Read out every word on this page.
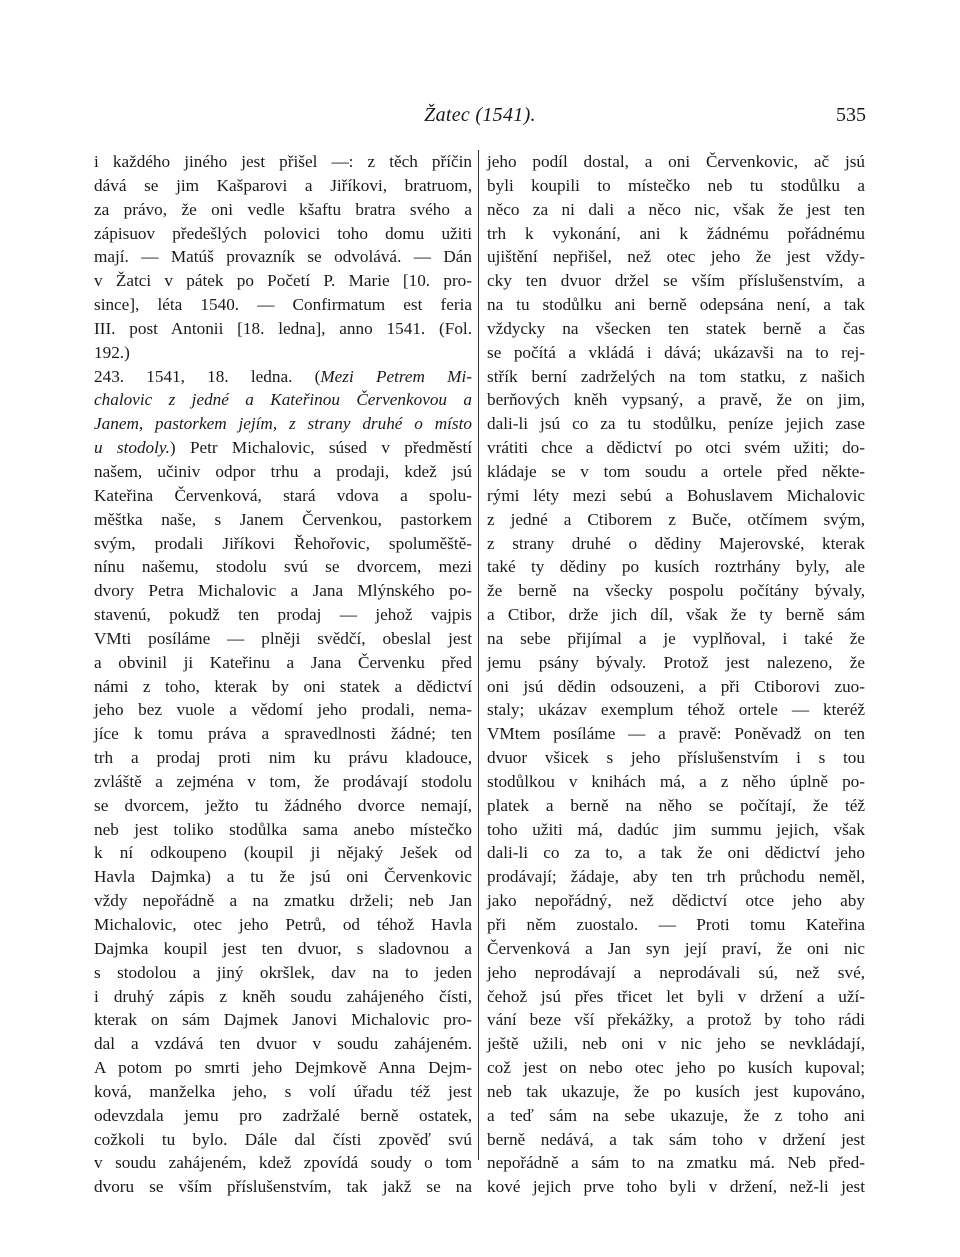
Žatec (1541).	535
i každého jiného jest přišel —: z těch příčin
dává se jim Kašparovi a Jiříkovi, bratruom,
za právo, že oni vedle kšaftu bratra svého a
zápisuov předešlých polovici toho domu užiti
mají. — Matúš provazník se odvolává. — Dán
v Žatci v pátek po Početí P. Marie [10. pro-
since], léta 1540. — Confirmatum est feria
III. post Antonii [18. ledna], anno 1541. (Fol.
192.)
243. 1541, 18. ledna. (Mezi Petrem Mi-
chalovic z jedné a Kateřinou Červenkovou a
Janem, pastorkem jejím, z strany druhé o místo
u stodoly.) Petr Michalovic, súsed v předměstí
našem, učiniv odpor trhu a prodaji, kdež jsú
Kateřina Červenková, stará vdova a spolu-
měštka naše, s Janem Červenkou, pastorkem
svým, prodali Jiříkovi Řehořovic, spoluměště-
nínu našemu, stodolu svú se dvorcem, mezi
dvory Petra Michalovic a Jana Mlýnského po-
stavenú, pokudž ten prodaj — jehož vajpis
VMti posíláme — plněji svědčí, obeslal jest
a obvinil ji Kateřinu a Jana Červenku před
námi z toho, kterak by oni statek a dědictví
jeho bez vuole a vědomí jeho prodali, nema-
jíce k tomu práva a spravedlnosti žádné; ten
trh a prodaj proti nim ku právu kladouce,
zvláště a zejména v tom, že prodávají stodolu
se dvorcem, ježto tu žádného dvorce nemají,
neb jest toliko stodůlka sama anebo místečko
k ní odkoupeno (koupil ji nějaký Ješek od
Havla Dajmka) a tu že jsú oni Červenkovic
vždy nepořádně a na zmatku drželi; neb Jan
Michalovic, otec jeho Petrů, od téhož Havla
Dajmka koupil jest ten dvuor, s sladovnou a
s stodolou a jiný okršlek, dav na to jeden
i druhý zápis z kněh soudu zahájeného čísti,
kterak on sám Dajmek Janovi Michalovic pro-
dal a vzdává ten dvuor v soudu zahájeném.
A potom po smrti jeho Dejmkově Anna Dejm-
ková, manželka jeho, s volí úřadu též jest
odevzdala jemu pro zadržalé berně ostatek,
cožkoli tu bylo. Dále dal čísti zpověď svú
v soudu zahájeném, kdež zpovídá soudy o tom
dvoru se vším příslušenstvím, tak jakž se na
jeho podíl dostal, a oni Červenkovic, ač jsú
byli koupili to místečko neb tu stodůlku a
něco za ni dali a něco nic, však že jest ten
trh k vykonání, ani k žádnému pořádnému
ujištění nepřišel, než otec jeho že jest vždy-
cky ten dvuor držel se vším příslušenstvím, a
na tu stodůlku ani berně odepsána není, a tak
vždycky na všecken ten statek berně a čas
se počítá a vkládá i dává; ukázavši na to rej-
střík berní zadrželých na tom statku, z našich
berňových kněh vypsaný, a pravě, že on jim,
dali-li jsú co za tu stodůlku, peníze jejich zase
vrátiti chce a dědictví po otci svém užiti; do-
kládaje se v tom soudu a ortele před někte-
rými léty mezi sebú a Bohuslavem Michalovic
z jedné a Ctiborem z Buče, otčímem svým,
z strany druhé o dědiny Majerovské, kterak
také ty dědiny po kusích roztrhány byly, ale
že berně na všecky pospolu počítány bývaly,
a Ctibor, drže jich díl, však že ty berně sám
na sebe přijímal a je vyplňoval, i také že
jemu psány bývaly. Protož jest nalezeno, že
oni jsú dědin odsouzeni, a při Ctiborovi zuo-
staly; ukázav exemplum téhož ortele — kteréž
VMtem posíláme — a pravě: Poněvadž on ten
dvuor všicek s jeho příslušenstvím i s tou
stodůlkou v knihách má, a z něho úplně po-
platek a berně na něho se počítají, že též
toho užiti má, dadúc jim summu jejich, však
dali-li co za to, a tak že oni dědictví jeho
prodávají; žádaje, aby ten trh průchodu neměl,
jako nepořádný, než dědictví otce jeho aby
při něm zuostalo. — Proti tomu Kateřina
Červenková a Jan syn její praví, že oni nic
jeho neprodávají a neprodávali sú, než své,
čehož jsú přes třicet let byli v držení a uží-
vání beze vší překážky, a protož by toho rádi
ještě užili, neb oni v nic jeho se nevkládají,
což jest on nebo otec jeho po kusích kupoval;
neb tak ukazuje, že po kusích jest kupováno,
a teď sám na sebe ukazuje, že z toho ani
berně nedává, a tak sám toho v držení jest
nepořádně a sám to na zmatku má. Neb před-
kové jejich prve toho byli v držení, než-li jest
